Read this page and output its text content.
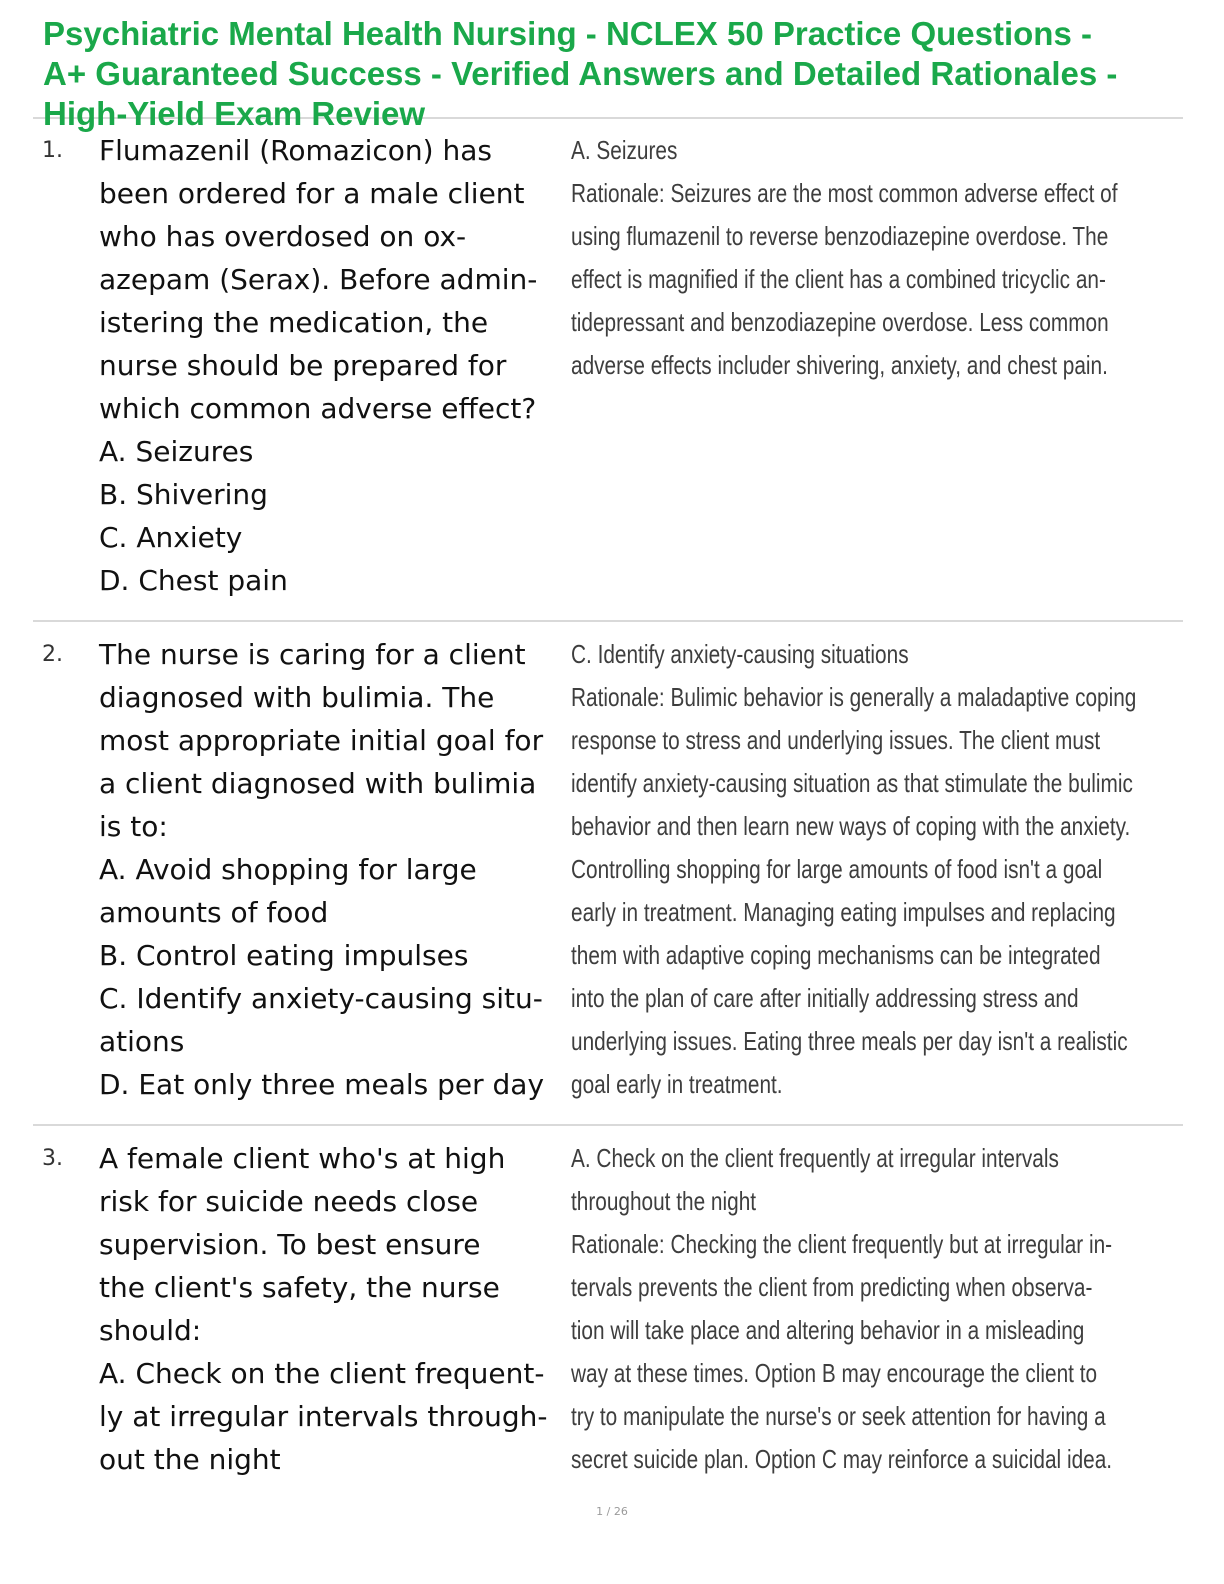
Psychiatric Mental Health Nursing - NCLEX 50 Practice Questions -
A+ Guaranteed Success - Verified Answers and Detailed Rationales -
High-Yield Exam Review
1. Flumazenil (Romazicon) has
been ordered for a male client
who has overdosed on ox-
azepam (Serax). Before admin-
istering the medication, the
nurse should be prepared for
which common adverse effect?
A. Seizures
B. Shivering
C. Anxiety
D. Chest pain
A. Seizures
Rationale: Seizures are the most common adverse effect of
using flumazenil to reverse benzodiazepine overdose. The
effect is magnified if the client has a combined tricyclic an-
tidepressant and benzodiazepine overdose. Less common
adverse effects includer shivering, anxiety, and chest pain.
2. The nurse is caring for a client
diagnosed with bulimia. The
most appropriate initial goal for
a client diagnosed with bulimia
is to:
A. Avoid shopping for large
amounts of food
B. Control eating impulses
C. Identify anxiety-causing situ-
ations
D. Eat only three meals per day
C. Identify anxiety-causing situations
Rationale: Bulimic behavior is generally a maladaptive coping
response to stress and underlying issues. The client must
identify anxiety-causing situation as that stimulate the bulimic
behavior and then learn new ways of coping with the anxiety.
Controlling shopping for large amounts of food isn't a goal
early in treatment. Managing eating impulses and replacing
them with adaptive coping mechanisms can be integrated
into the plan of care after initially addressing stress and
underlying issues. Eating three meals per day isn't a realistic
goal early in treatment.
3. A female client who's at high
risk for suicide needs close
supervision. To best ensure
the client's safety, the nurse
should:
A. Check on the client frequent-
ly at irregular intervals through-
out the night
A. Check on the client frequently at irregular intervals
throughout the night
Rationale: Checking the client frequently but at irregular in-
tervals prevents the client from predicting when observa-
tion will take place and altering behavior in a misleading
way at these times. Option B may encourage the client to
try to manipulate the nurse's or seek attention for having a
secret suicide plan. Option C may reinforce a suicidal idea.
1 / 26
